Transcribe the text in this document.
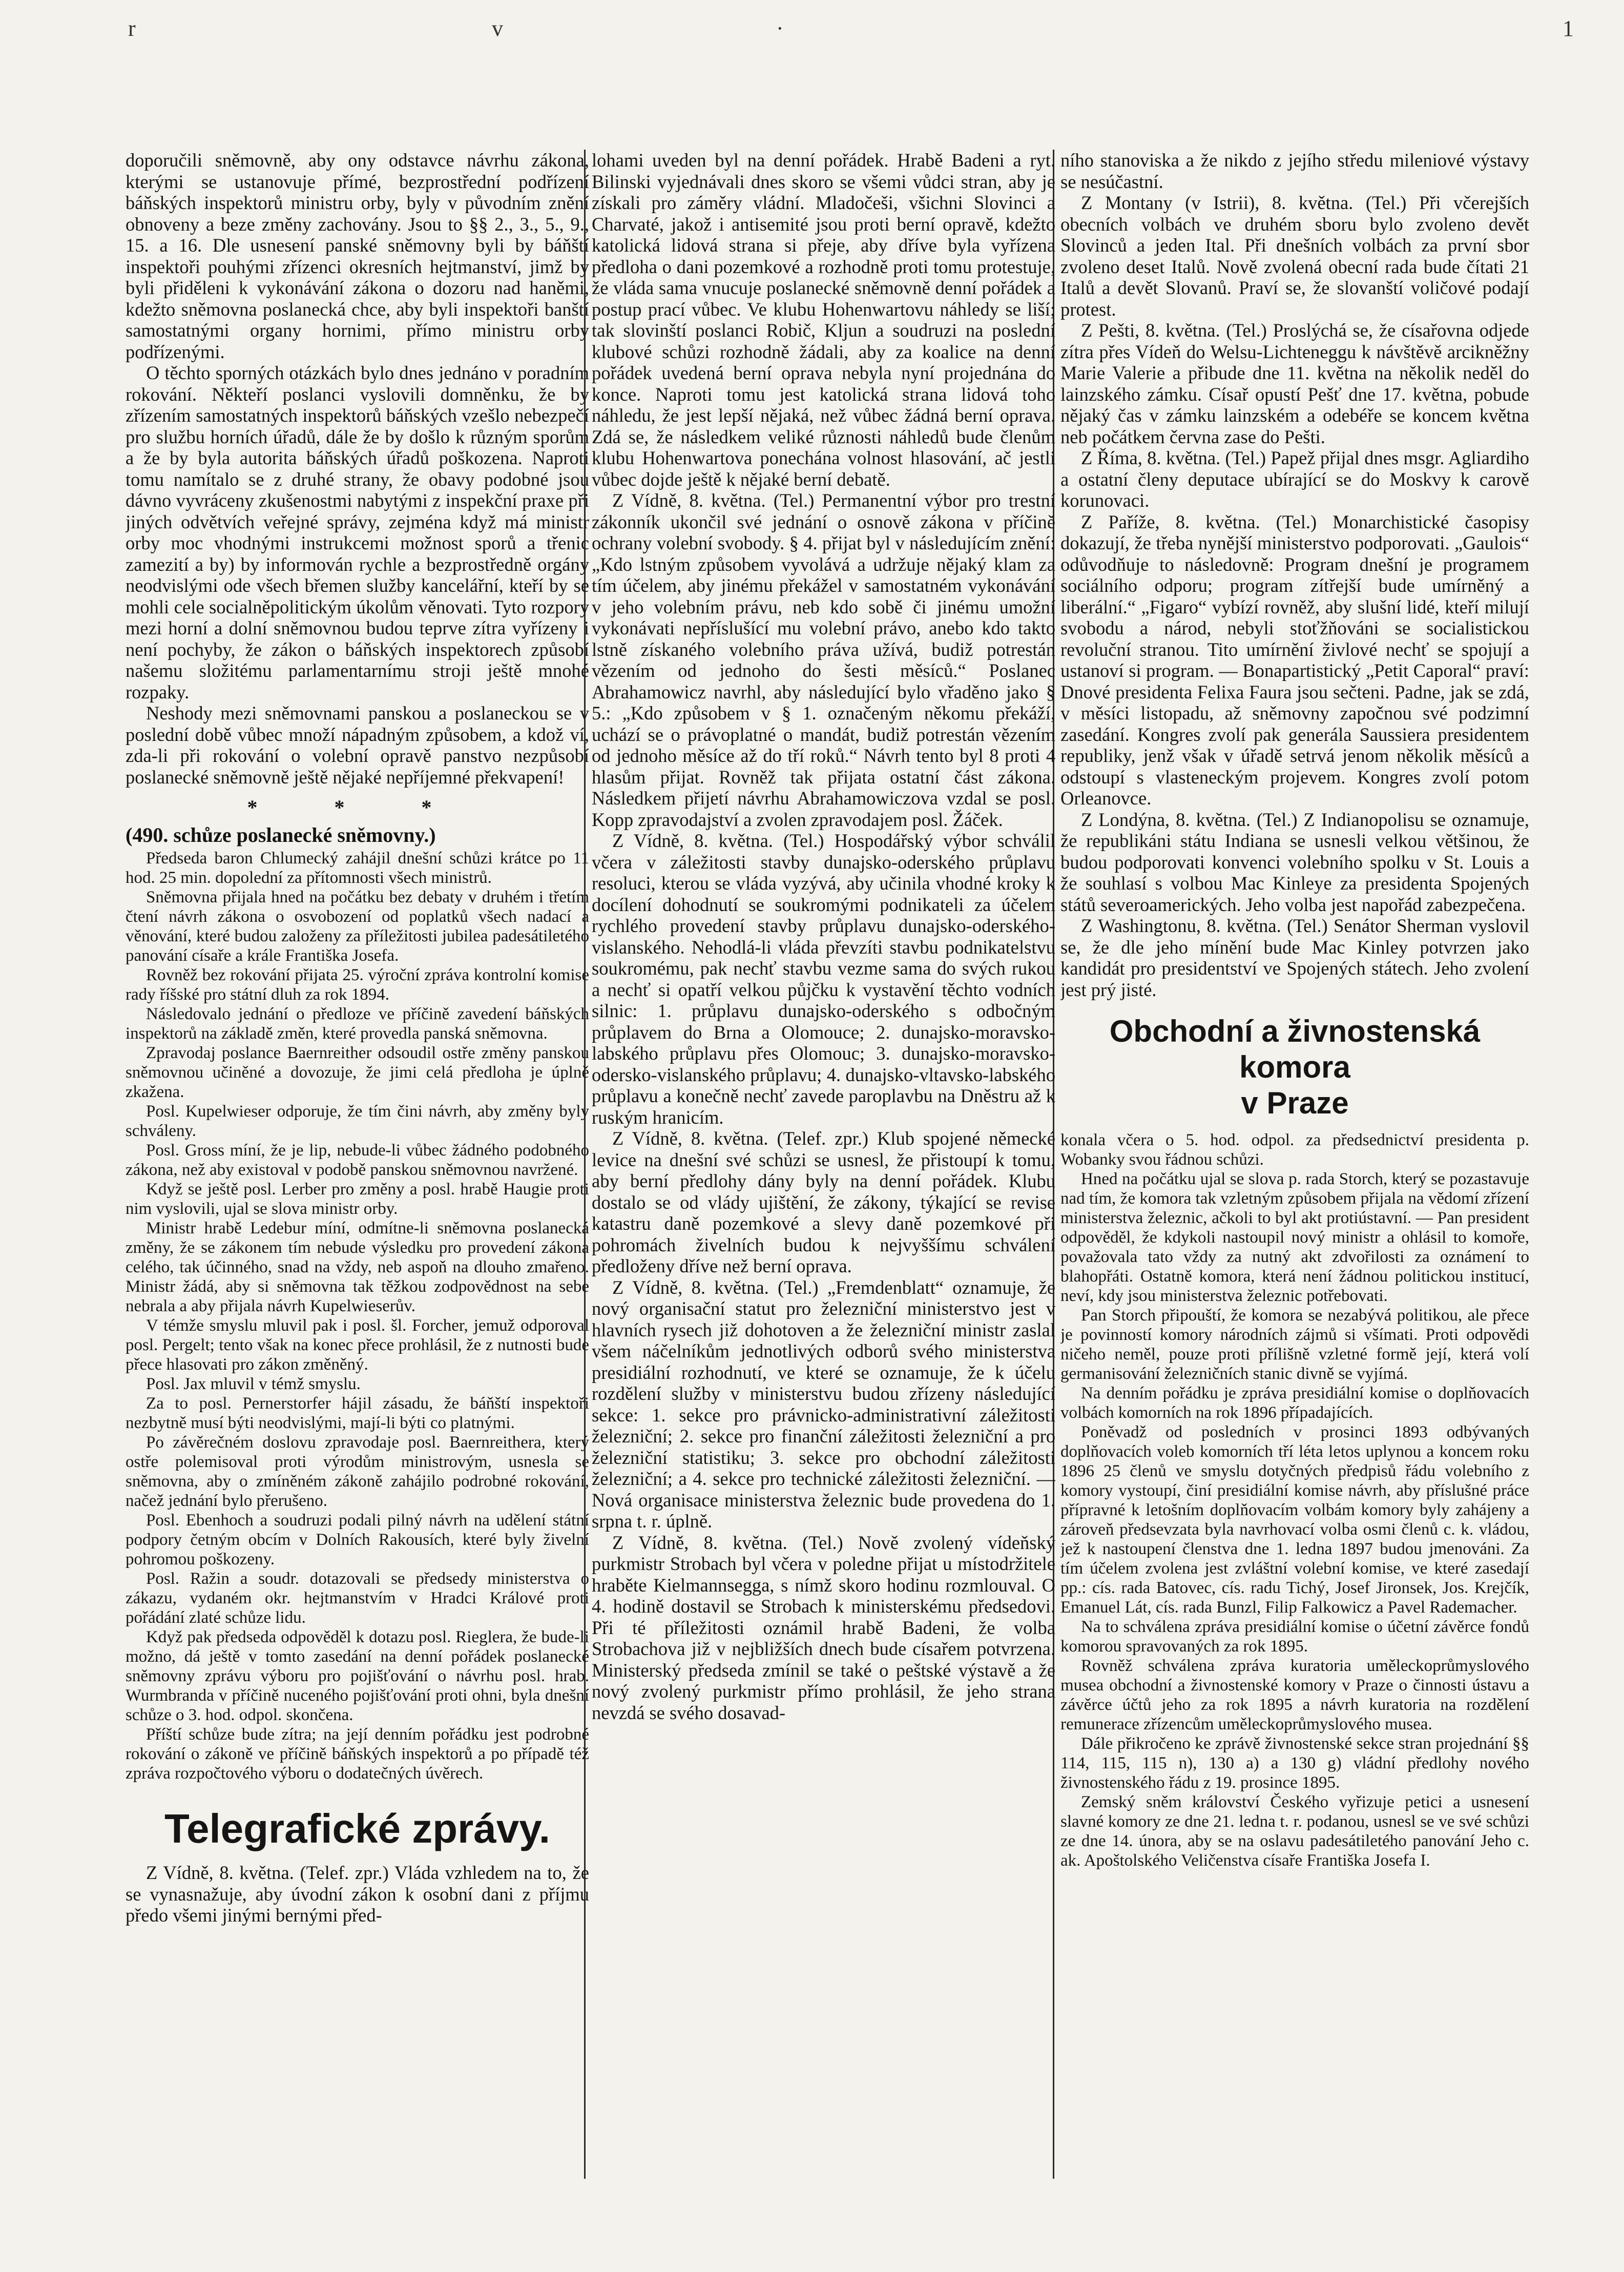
r	v	·	1

doporučili sněmovně, aby ony odstavce návrhu zákona, kterými se ustanovuje přímé, bezprostřední podřízení báňských inspektorů ministru orby, byly v původním znění obnoveny a beze změny zachovány. Jsou to §§ 2., 3., 5., 9., 15. a 16. Dle usnesení panské sněmovny byli by báňští inspektoři pouhými zřízenci okresních hejtmanství, jimž by byli přiděleni k vykonávání zákona o dozoru nad haněmi, kdežto sněmovna poslanecká chce, aby byli inspektoři banští samostatnými organy hornimi, přímo ministru orby podřízenými.

O těchto sporných otázkách bylo dnes jednáno v poradním rokování. Někteří poslanci vyslovili domněnku, že by zřízením samostatných inspektorů báňských vzešlo nebezpečí pro službu horních úřadů, dále že by došlo k různým sporům a že by byla autorita báňských úřadů poškozena. Naproti tomu namítalo se z druhé strany, že obavy podobné jsou dávno vyvráceny zkušenostmi nabytými z inspekční praxe při jiných odvětvích veřejné správy, zejména když má ministr orby moc vhodnými instrukcemi možnost sporů a třenic zamezití a by) by informován rychle a bezprostředně orgány neodvislými ode všech břemen služby kancelářní, kteří by se mohli cele socialněpolitickým úkolům věnovati. Tyto rozpory mezi horní a dolní sněmovnou budou teprve zítra vyřízeny i není pochyby, že zákon o báňských inspektorech způsobí našemu složitému parlamentarnímu stroji ještě mnohé rozpaky.

Neshody mezi sněmovnami panskou a poslaneckou se v poslední době vůbec množí nápadným způsobem, a kdož ví, zda-li při rokování o volební opravě panstvo nezpůsobí poslanecké sněmovně ještě nějaké nepříjemné překvapení!

* * *

(490. schůze poslanecké sněmovny.)

Předseda baron Chlumecký zahájil dnešní schůzi krátce po 11 hod. 25 min. dopolední za přítomnosti všech ministrů.

Sněmovna přijala hned na počátku bez debaty v druhém i třetím čtení návrh zákona o osvobození od poplatků všech nadací a věnování, které budou založeny za příležitosti jubilea padesátiletého panování císaře a krále Františka Josefa.

Rovněž bez rokování přijata 25. výroční zpráva kontrolní komise rady říšské pro státní dluh za rok 1894.

Následovalo jednání o předloze ve příčině zavedení báňských inspektorů na základě změn, které provedla panská sněmovna.

Zpravodaj poslance Baernreither odsoudil ostře změny panskou sněmovnou učiněné a dovozuje, že jimi celá předloha je úplně zkažena.

Posl. Kupelwieser odporuje, že tím čini návrh, aby změny byly schváleny.

Posl. Gross míní, že je lip, nebude-li vůbec žádného podobného zákona, než aby existoval v podobě panskou sněmovnou navržené.

Když se ještě posl. Lerber pro změny a posl. hrabě Haugie proti nim vyslovili, ujal se slova ministr orby.

Ministr hrabě Ledebur míní, odmítne-li sněmovna poslanecká změny, že se zákonem tím nebude výsledku pro provedení zákona celého, tak účinného, snad na vždy, neb aspoň na dlouho zmařeno. Ministr žádá, aby si sněmovna tak těžkou zodpovědnost na sebe nebrala a aby přijala návrh Kupelwieserův.

V témže smyslu mluvil pak i posl. šl. Forcher, jemuž odporoval posl. Pergelt; tento však na konec přece prohlásil, že z nutnosti bude přece hlasovati pro zákon změněný.

Posl. Jax mluvil v témž smyslu.

Za to posl. Pernerstorfer hájil zásadu, že báňští inspektoři nezbytně musí býti neodvislými, mají-li býti co platnými.

Po závěrečném doslovu zpravodaje posl. Baernreithera, který ostře polemisoval proti výrodům ministrovým, usnesla se sněmovna, aby o zmíněném zákoně zahájilo podrobné rokování, načež jednání bylo přerušeno.

Posl. Ebenhoch a soudruzi podali pilný návrh na udělení státní podpory četným obcím v Dolních Rakousích, které byly živelní pohromou poškozeny.

Posl. Ražin a soudr. dotazovali se předsedy ministerstva o zákazu, vydaném okr. hejtmanstvím v Hradci Králové proti pořádání zlaté schůze lidu.

Když pak předseda odpověděl k dotazu posl. Rieglera, že bude-li možno, dá ještě v tomto zasedání na denní pořádek poslanecké sněmovny zprávu výboru pro pojišťování o návrhu posl. hrab. Wurmbranda v příčině nuceného pojišťování proti ohni, byla dnešní schůze o 3. hod. odpol. skončena.

Příští schůze bude zítra; na její denním pořádku jest podrobné rokování o zákoně ve příčině báňských inspektorů a po případě též zpráva rozpočtového výboru o dodatečných úvěrech.

Telegrafické zprávy.

Z Vídně, 8. května. (Telef. zpr.) Vláda vzhledem na to, že se vynasnažuje, aby úvodní zákon k osobní dani z příjmu předo všemi jinými bernými před-

lohami uveden byl na denní pořádek. Hrabě Badeni a ryt. Bilinski vyjednávali dnes skoro se všemi vůdci stran, aby je získali pro záměry vládní. Mladočeši, všichni Slovinci a Charvaté, jakož i antisemité jsou proti berní opravě, kdežto katolická lidová strana si přeje, aby dříve byla vyřízena předloha o dani pozemkové a rozhodně proti tomu protestuje, že vláda sama vnucuje poslanecké sněmovně denní pořádek a postup prací vůbec. Ve klubu Hohenwartovu náhledy se liší; tak slovinští poslanci Robič, Kljun a soudruzi na poslední klubové schůzi rozhodně žádali, aby za koalice na denní pořádek uvedená berní oprava nebyla nyní projednána do konce. Naproti tomu jest katolická strana lidová toho náhledu, že jest lepší nějaká, než vůbec žádná berní oprava. Zdá se, že následkem veliké různosti náhledů bude členům klubu Hohenwartova ponechána volnost hlasování, ač jestli vůbec dojde ještě k nějaké berní debatě.

Z Vídně, 8. května. (Tel.) Permanentní výbor pro trestní zákonník ukončil své jednání o osnově zákona v příčině ochrany volební svobody. § 4. přijat byl v následujícím znění: „Kdo lstným způsobem vyvolává a udržuje nějaký klam za tím účelem, aby jinému překážel v samostatném vykonávání v jeho volebním právu, neb kdo sobě či jinému umožní vykonávati nepříslušící mu volební právo, anebo kdo takto lstně získaného volebního práva užívá, budiž potrestán vězením od jednoho do šesti měsíců.“ Poslanec Abrahamowicz navrhl, aby následující bylo vřaděno jako § 5.: „Kdo způsobem v § 1. označeným někomu překáží, uchází se o právoplatné o mandát, budiž potrestán vězením od jednoho měsíce až do tří roků.“ Návrh tento byl 8 proti 4 hlasům přijat. Rovněž tak přijata ostatní část zákona. Následkem přijetí návrhu Abrahamowiczova vzdal se posl. Kopp zpravodajství a zvolen zpravodajem posl. Žáček.

Z Vídně, 8. května. (Tel.) Hospodářský výbor schválil včera v záležitosti stavby dunajsko-oderského průplavu resoluci, kterou se vláda vyzývá, aby učinila vhodné kroky k docílení dohodnutí se soukromými podnikateli za účelem rychlého provedení stavby průplavu dunajsko-oderského-vislanského. Nehodlá-li vláda převzíti stavbu podnikatelstvu soukromému, pak nechť stavbu vezme sama do svých rukou a nechť si opatří velkou půjčku k vystavění těchto vodních silnic: 1. průplavu dunajsko-oderského s odbočným průplavem do Brna a Olomouce; 2. dunajsko-moravsko-labského průplavu přes Olomouc; 3. dunajsko-moravsko-odersko-vislanského průplavu; 4. dunajsko-vltavsko-labského průplavu a konečně nechť zavede paroplavbu na Dněstru až k ruským hranicím.

Z Vídně, 8. května. (Telef. zpr.) Klub spojené německé levice na dnešní své schůzi se usnesl, že přistoupí k tomu, aby berní předlohy dány byly na denní pořádek. Klubu dostalo se od vlády ujištění, že zákony, týkající se revise katastru daně pozemkové a slevy daně pozemkové při pohromách živelních budou k nejvyššímu schválení předloženy dříve než berní oprava.

Z Vídně, 8. května. (Tel.) „Fremdenblatt“ oznamuje, že nový organisační statut pro železniční ministerstvo jest v hlavních rysech již dohotoven a že železniční ministr zaslal všem náčelníkům jednotlivých odborů svého ministerstva presidiální rozhodnutí, ve které se oznamuje, že k účelu rozdělení služby v ministerstvu budou zřízeny následující sekce: 1. sekce pro právnicko-administrativní záležitosti železniční; 2. sekce pro finanční záležitosti železniční a pro železniční statistiku; 3. sekce pro obchodní záležitosti železniční; a 4. sekce pro technické záležitosti železniční. — Nová organisace ministerstva železnic bude provedena do 1. srpna t. r. úplně.

Z Vídně, 8. května. (Tel.) Nově zvolený vídeňský purkmistr Strobach byl včera v poledne přijat u místodržitele hraběte Kielmannsegga, s nímž skoro hodinu rozmlouval. O 4. hodině dostavil se Strobach k ministerskému předsedovi. Při té příležitosti oznámil hrabě Badeni, že volba Strobachova již v nejbližších dnech bude císařem potvrzena. Ministerský předseda zmínil se také o peštské výstavě a že nový zvolený purkmistr přímo prohlásil, že jeho strana nevzdá se svého dosavad-

ního stanoviska a že nikdo z jejího středu mileniové výstavy se nesúčastní.

Z Montany (v Istrii), 8. května. (Tel.) Při včerejších obecních volbách ve druhém sboru bylo zvoleno devět Slovinců a jeden Ital. Při dnešních volbách za první sbor zvoleno deset Italů. Nově zvolená obecní rada bude čítati 21 Italů a devět Slovanů. Praví se, že slovanští voličové podají protest.

Z Pešti, 8. května. (Tel.) Proslýchá se, že císařovna odjede zítra přes Vídeň do Welsu-Lichteneggu k návštěvě arcikněžny Marie Valerie a přibude dne 11. května na několik neděl do lainzského zámku. Císař opustí Pešť dne 17. května, pobude nějaký čas v zámku lainzském a odebéře se koncem května neb počátkem června zase do Pešti.

Z Říma, 8. května. (Tel.) Papež přijal dnes msgr. Agliardiho a ostatní členy deputace ubírající se do Moskvy k carově korunovaci.

Z Paříže, 8. května. (Tel.) Monarchistické časopisy dokazují, že třeba nynější ministerstvo podporovati. „Gaulois“ odůvodňuje to následovně: Program dnešní je programem sociálního odporu; program zítřejší bude umírněný a liberální.“ „Figaro“ vybízí rovněž, aby slušní lidé, kteří milují svobodu a národ, nebyli stoťžňováni se socialistickou revoluční stranou. Tito umírnění živlové nechť se spojují a ustanoví si program. — Bonapartistický „Petit Caporal“ praví: Dnové presidenta Felixa Faura jsou sečteni. Padne, jak se zdá, v měsíci listopadu, až sněmovny započnou své podzimní zasedání. Kongres zvolí pak generála Saussiera presidentem republiky, jenž však v úřadě setrvá jenom několik měsíců a odstoupí s vlasteneckým projevem. Kongres zvolí potom Orleanovce.

Z Londýna, 8. května. (Tel.) Z Indianopolisu se oznamuje, že republikáni státu Indiana se usnesli velkou většinou, že budou podporovati konvenci volebního spolku v St. Louis a že souhlasí s volbou Mac Kinleye za presidenta Spojených států severoamerických. Jeho volba jest napořád zabezpečena.

Z Washingtonu, 8. května. (Tel.) Senátor Sherman vyslovil se, že dle jeho mínění bude Mac Kinley potvrzen jako kandidát pro presidentství ve Spojených státech. Jeho zvolení jest prý jisté.

Obchodní a živnostenská komora
v Praze

konala včera o 5. hod. odpol. za předsednictví presidenta p. Wobanky svou řádnou schůzi.

Hned na počátku ujal se slova p. rada Storch, který se pozastavuje nad tím, že komora tak vzletným způsobem přijala na vědomí zřízení ministerstva železnic, ačkoli to byl akt protiústavní. — Pan president odpověděl, že kdykoli nastoupil nový ministr a ohlásil to komoře, považovala tato vždy za nutný akt zdvořilosti za oznámení to blahopřáti. Ostatně komora, která není žádnou politickou institucí, neví, kdy jsou ministerstva železnic potřebovati.

Pan Storch připouští, že komora se nezabývá politikou, ale přece je povinností komory národních zájmů si všímati. Proti odpovědi ničeho neměl, pouze proti přílišně vzletné formě její, která volí germanisování železničních stanic divně se vyjímá.

Na denním pořádku je zpráva presidiální komise o doplňovacích volbách komorních na rok 1896 případajících.

Poněvadž od posledních v prosinci 1893 odbývaných doplňovacích voleb komorních tří léta letos uplynou a koncem roku 1896 25 členů ve smyslu dotyčných předpisů řádu volebního z komory vystoupí, činí presidiální komise návrh, aby příslušné práce přípravné k letošním doplňovacím volbám komory byly zahájeny a zároveň předsevzata byla navrhovací volba osmi členů c. k. vládou, jež k nastoupení členstva dne 1. ledna 1897 budou jmenováni. Za tím účelem zvolena jest zvláštní volební komise, ve které zasedají pp.: cís. rada Batovec, cís. radu Tichý, Josef Jironsek, Jos. Krejčík, Emanuel Lát, cís. rada Bunzl, Filip Falkowicz a Pavel Rademacher.

Na to schválena zpráva presidiální komise o účetní závěrce fondů komorou spravovaných za rok 1895.

Rovněž schválena zpráva kuratoria uměleckoprůmyslového musea obchodní a živnostenské komory v Praze o činnosti ústavu a závěrce účtů jeho za rok 1895 a návrh kuratoria na rozdělení remunerace zřízencům uměleckoprůmyslového musea.

Dále přikročeno ke zprávě živnostenské sekce stran projednání §§ 114, 115, 115 n), 130 a) a 130 g) vládní předlohy nového živnostenského řádu z 19. prosince 1895.

Zemský sněm království Českého vyřizuje petici a usnesení slavné komory ze dne 21. ledna t. r. podanou, usnesl se ve své schůzi ze dne 14. února, aby se na oslavu padesátiletého panování Jeho c. ak. Apoštolského Veličenstva císaře Františka Josefa I.
